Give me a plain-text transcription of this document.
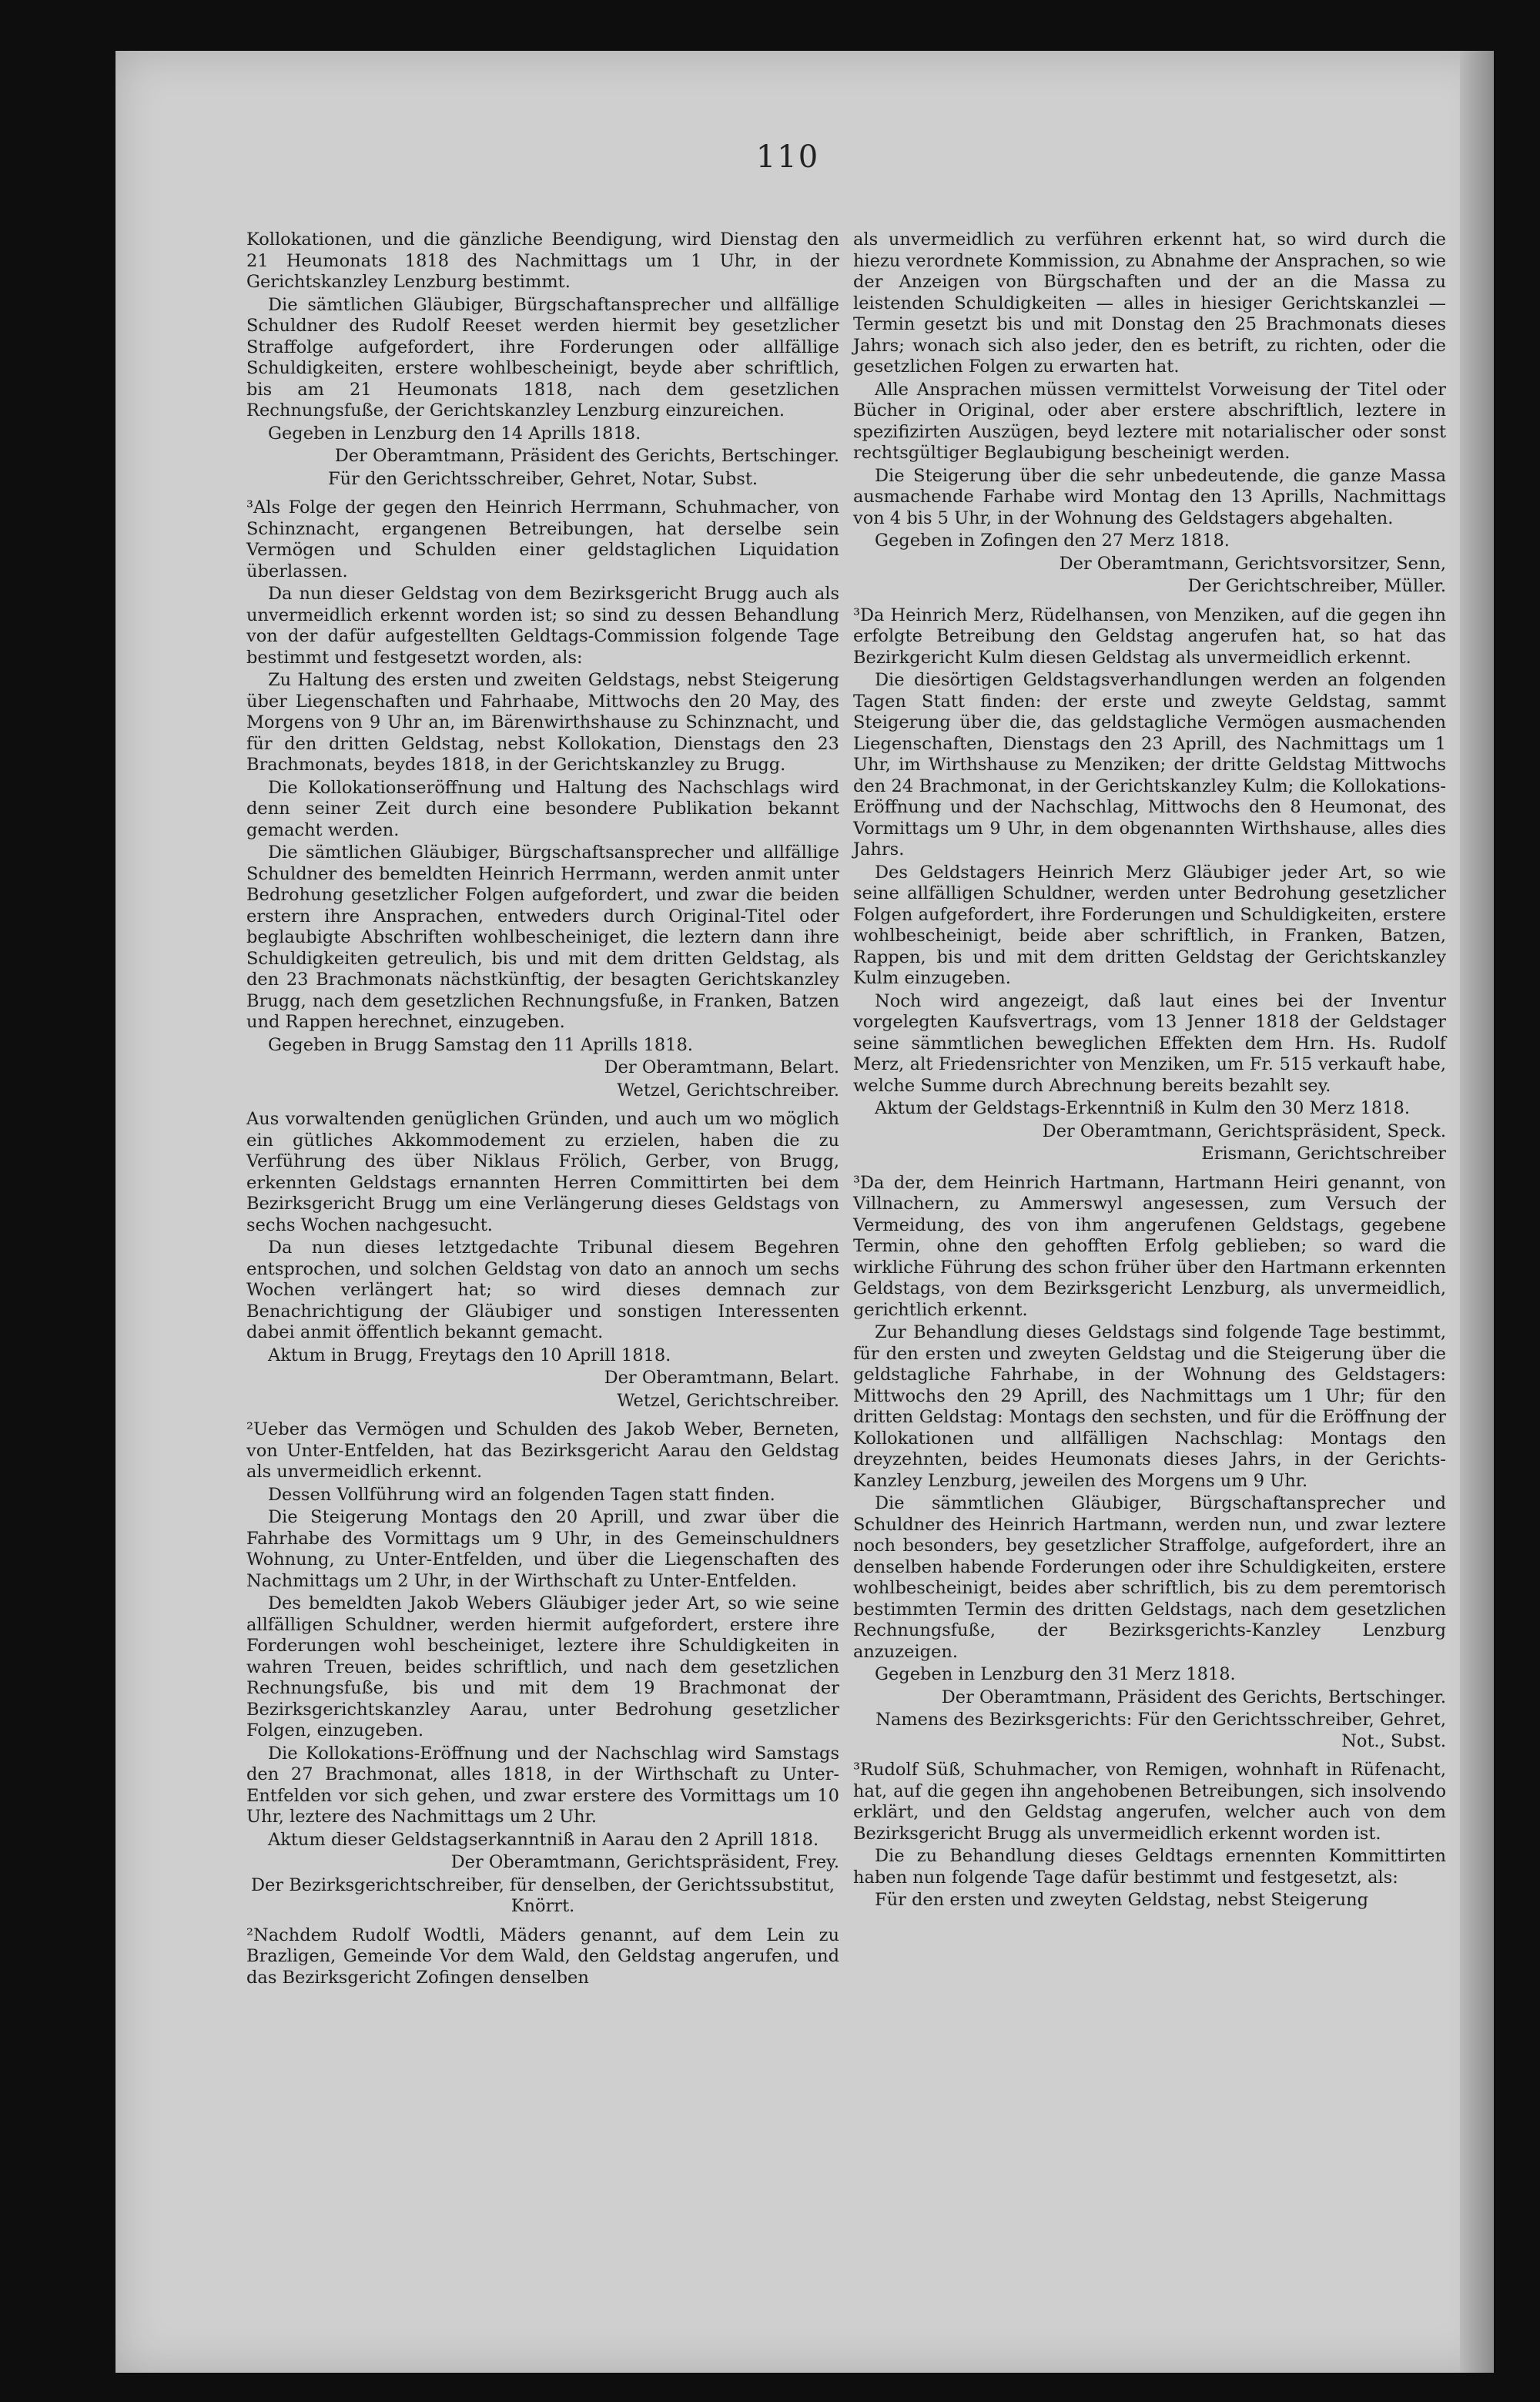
110

Kollokationen, und die gänzliche Beendigung, wird Dienstag den 21 Heumonats 1818 des Nachmittags um 1 Uhr, in der Gerichtskanzley Lenzburg bestimmt.

Die sämtlichen Gläubiger, Bürgschaftansprecher und allfällige Schuldner des Rudolf Reeset werden hiermit bey gesetzlicher Straffolge aufgefordert, ihre Forderungen oder allfällige Schuldigkeiten, erstere wohlbescheinigt, beyde aber schriftlich, bis am 21 Heumonats 1818, nach dem gesetzlichen Rechnungsfuße, der Gerichtskanzley Lenzburg einzureichen.

Gegeben in Lenzburg den 14 Aprills 1818.

Der Oberamtmann, Präsident des Gerichts, Bertschinger.

Für den Gerichtsschreiber, Gehret, Notar, Subst.

³Als Folge der gegen den Heinrich Herrmann, Schuhmacher, von Schinznacht, ergangenen Betreibungen, hat derselbe sein Vermögen und Schulden einer geldstaglichen Liquidation überlassen.

Da nun dieser Geldstag von dem Bezirksgericht Brugg auch als unvermeidlich erkennt worden ist; so sind zu dessen Behandlung von der dafür aufgestellten Geldtags-Commission folgende Tage bestimmt und festgesetzt worden, als:

Zu Haltung des ersten und zweiten Geldstags, nebst Steigerung über Liegenschaften und Fahrhaabe, Mittwochs den 20 May, des Morgens von 9 Uhr an, im Bärenwirthshause zu Schinznacht, und für den dritten Geldstag, nebst Kollokation, Dienstags den 23 Brachmonats, beydes 1818, in der Gerichtskanzley zu Brugg.

Die Kollokationseröffnung und Haltung des Nachschlags wird denn seiner Zeit durch eine besondere Publikation bekannt gemacht werden.

Die sämtlichen Gläubiger, Bürgschaftsansprecher und allfällige Schuldner des bemeldten Heinrich Herrmann, werden anmit unter Bedrohung gesetzlicher Folgen aufgefordert, und zwar die beiden erstern ihre Ansprachen, entweders durch Original-Titel oder beglaubigte Abschriften wohlbescheiniget, die leztern dann ihre Schuldigkeiten getreulich, bis und mit dem dritten Geldstag, als den 23 Brachmonats nächstkünftig, der besagten Gerichtskanzley Brugg, nach dem gesetzlichen Rechnungsfuße, in Franken, Batzen und Rappen herechnet, einzugeben.

Gegeben in Brugg Samstag den 11 Aprills 1818.

Der Oberamtmann, Belart.

Wetzel, Gerichtschreiber.

Aus vorwaltenden genüglichen Gründen, und auch um wo möglich ein gütliches Akkommodement zu erzielen, haben die zu Verführung des über Niklaus Frölich, Gerber, von Brugg, erkennten Geldstags ernannten Herren Committirten bei dem Bezirksgericht Brugg um eine Verlängerung dieses Geldstags von sechs Wochen nachgesucht.

Da nun dieses letztgedachte Tribunal diesem Begehren entsprochen, und solchen Geldstag von dato an annoch um sechs Wochen verlängert hat; so wird dieses demnach zur Benachrichtigung der Gläubiger und sonstigen Interessenten dabei anmit öffentlich bekannt gemacht.

Aktum in Brugg, Freytags den 10 Aprill 1818.

Der Oberamtmann, Belart.

Wetzel, Gerichtschreiber.

²Ueber das Vermögen und Schulden des Jakob Weber, Berneten, von Unter-Entfelden, hat das Bezirksgericht Aarau den Geldstag als unvermeidlich erkennt.

Dessen Vollführung wird an folgenden Tagen statt finden.

Die Steigerung Montags den 20 Aprill, und zwar über die Fahrhabe des Vormittags um 9 Uhr, in des Gemeinschuldners Wohnung, zu Unter-Entfelden, und über die Liegenschaften des Nachmittags um 2 Uhr, in der Wirthschaft zu Unter-Entfelden.

Des bemeldten Jakob Webers Gläubiger jeder Art, so wie seine allfälligen Schuldner, werden hiermit aufgefordert, erstere ihre Forderungen wohl bescheiniget, leztere ihre Schuldigkeiten in wahren Treuen, beides schriftlich, und nach dem gesetzlichen Rechnungsfuße, bis und mit dem 19 Brachmonat der Bezirksgerichtskanzley Aarau, unter Bedrohung gesetzlicher Folgen, einzugeben.

Die Kollokations-Eröffnung und der Nachschlag wird Samstags den 27 Brachmonat, alles 1818, in der Wirthschaft zu Unter-Entfelden vor sich gehen, und zwar erstere des Vormittags um 10 Uhr, leztere des Nachmittags um 2 Uhr.

Aktum dieser Geldstagserkanntniß in Aarau den 2 Aprill 1818.

Der Oberamtmann, Gerichtspräsident, Frey.

Der Bezirksgerichtschreiber, für denselben, der Gerichtssubstitut, Knörrt.

²Nachdem Rudolf Wodtli, Mäders genannt, auf dem Lein zu Brazligen, Gemeinde Vor dem Wald, den Geldstag angerufen, und das Bezirksgericht Zofingen denselben

als unvermeidlich zu verführen erkennt hat, so wird durch die hiezu verordnete Kommission, zu Abnahme der Ansprachen, so wie der Anzeigen von Bürgschaften und der an die Massa zu leistenden Schuldigkeiten — alles in hiesiger Gerichtskanzlei — Termin gesetzt bis und mit Donstag den 25 Brachmonats dieses Jahrs; wonach sich also jeder, den es betrift, zu richten, oder die gesetzlichen Folgen zu erwarten hat.

Alle Ansprachen müssen vermittelst Vorweisung der Titel oder Bücher in Original, oder aber erstere abschriftlich, leztere in spezifizirten Auszügen, beyd leztere mit notarialischer oder sonst rechtsgültiger Beglaubigung bescheinigt werden.

Die Steigerung über die sehr unbedeutende, die ganze Massa ausmachende Farhabe wird Montag den 13 Aprills, Nachmittags von 4 bis 5 Uhr, in der Wohnung des Geldstagers abgehalten.

Gegeben in Zofingen den 27 Merz 1818.

Der Oberamtmann, Gerichtsvorsitzer, Senn,

Der Gerichtschreiber, Müller.

³Da Heinrich Merz, Rüdelhansen, von Menziken, auf die gegen ihn erfolgte Betreibung den Geldstag angerufen hat, so hat das Bezirkgericht Kulm diesen Geldstag als unvermeidlich erkennt.

Die diesörtigen Geldstagsverhandlungen werden an folgenden Tagen Statt finden: der erste und zweyte Geldstag, sammt Steigerung über die, das geldstagliche Vermögen ausmachenden Liegenschaften, Dienstags den 23 Aprill, des Nachmittags um 1 Uhr, im Wirthshause zu Menziken; der dritte Geldstag Mittwochs den 24 Brachmonat, in der Gerichtskanzley Kulm; die Kollokations-Eröffnung und der Nachschlag, Mittwochs den 8 Heumonat, des Vormittags um 9 Uhr, in dem obgenannten Wirthshause, alles dies Jahrs.

Des Geldstagers Heinrich Merz Gläubiger jeder Art, so wie seine allfälligen Schuldner, werden unter Bedrohung gesetzlicher Folgen aufgefordert, ihre Forderungen und Schuldigkeiten, erstere wohlbescheinigt, beide aber schriftlich, in Franken, Batzen, Rappen, bis und mit dem dritten Geldstag der Gerichtskanzley Kulm einzugeben.

Noch wird angezeigt, daß laut eines bei der Inventur vorgelegten Kaufsvertrags, vom 13 Jenner 1818 der Geldstager seine sämmtlichen beweglichen Effekten dem Hrn. Hs. Rudolf Merz, alt Friedensrichter von Menziken, um Fr. 515 verkauft habe, welche Summe durch Abrechnung bereits bezahlt sey.

Aktum der Geldstags-Erkenntniß in Kulm den 30 Merz 1818.

Der Oberamtmann, Gerichtspräsident, Speck.

Erismann, Gerichtschreiber

³Da der, dem Heinrich Hartmann, Hartmann Heiri genannt, von Villnachern, zu Ammerswyl angesessen, zum Versuch der Vermeidung, des von ihm angerufenen Geldstags, gegebene Termin, ohne den gehofften Erfolg geblieben; so ward die wirkliche Führung des schon früher über den Hartmann erkennten Geldstags, von dem Bezirksgericht Lenzburg, als unvermeidlich, gerichtlich erkennt.

Zur Behandlung dieses Geldstags sind folgende Tage bestimmt, für den ersten und zweyten Geldstag und die Steigerung über die geldstagliche Fahrhabe, in der Wohnung des Geldstagers: Mittwochs den 29 Aprill, des Nachmittags um 1 Uhr; für den dritten Geldstag: Montags den sechsten, und für die Eröffnung der Kollokationen und allfälligen Nachschlag: Montags den dreyzehnten, beides Heumonats dieses Jahrs, in der Gerichts-Kanzley Lenzburg, jeweilen des Morgens um 9 Uhr.

Die sämmtlichen Gläubiger, Bürgschaftansprecher und Schuldner des Heinrich Hartmann, werden nun, und zwar leztere noch besonders, bey gesetzlicher Straffolge, aufgefordert, ihre an denselben habende Forderungen oder ihre Schuldigkeiten, erstere wohlbescheinigt, beides aber schriftlich, bis zu dem peremtorisch bestimmten Termin des dritten Geldstags, nach dem gesetzlichen Rechnungsfuße, der Bezirksgerichts-Kanzley Lenzburg anzuzeigen.

Gegeben in Lenzburg den 31 Merz 1818.

Der Oberamtmann, Präsident des Gerichts, Bertschinger.

Namens des Bezirksgerichts: Für den Gerichtsschreiber, Gehret, Not., Subst.

³Rudolf Süß, Schuhmacher, von Remigen, wohnhaft in Rüfenacht, hat, auf die gegen ihn angehobenen Betreibungen, sich insolvendo erklärt, und den Geldstag angerufen, welcher auch von dem Bezirksgericht Brugg als unvermeidlich erkennt worden ist.

Die zu Behandlung dieses Geldtags ernennten Kommittirten haben nun folgende Tage dafür bestimmt und festgesetzt, als:

Für den ersten und zweyten Geldstag, nebst Steigerung
